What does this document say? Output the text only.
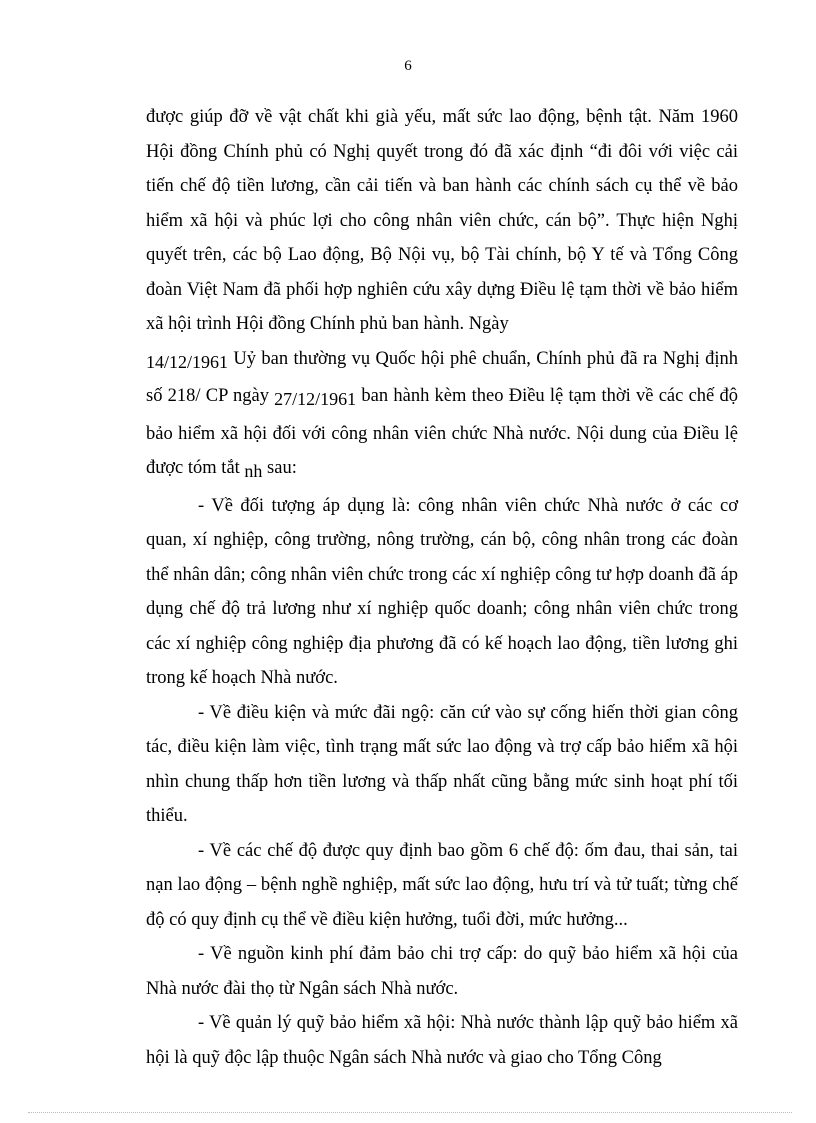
6

được giúp đỡ về vật chất khi già yếu, mất sức lao động, bệnh tật. Năm 1960 Hội đồng Chính phủ có Nghị quyết trong đó đã xác định “đi đôi với việc cải tiến chế độ tiền lương, cần cải tiến và ban hành các chính sách cụ thể về bảo hiểm xã hội và phúc lợi cho công nhân viên chức, cán bộ”. Thực hiện Nghị quyết trên, các bộ Lao động, Bộ Nội vụ, bộ Tài chính, bộ Y tế và Tổng Công đoàn Việt Nam đã phối hợp nghiên cứu xây dựng Điều lệ tạm thời về bảo hiểm xã hội trình Hội đồng Chính phủ ban hành. Ngày
14/12/1961 Uỷ ban thường vụ Quốc hội phê chuẩn, Chính phủ đã ra Nghị định số 218/ CP ngày 27/12/1961 ban hành kèm theo Điều lệ tạm thời về các chế độ bảo hiểm xã hội đối với công nhân viên chức Nhà nước. Nội dung của Điều lệ được tóm tắt nh sau:

- Về đối tượng áp dụng là: công nhân viên chức Nhà nước ở các cơ quan, xí nghiệp, công trường, nông trường, cán bộ, công nhân trong các đoàn thể nhân dân; công nhân viên chức trong các xí nghiệp công tư hợp doanh đã áp dụng chế độ trả lương như xí nghiệp quốc doanh; công nhân viên chức trong các xí nghiệp công nghiệp địa phương đã có kế hoạch lao động, tiền lương ghi trong kế hoạch Nhà nước.

- Về điều kiện và mức đãi ngộ: căn cứ vào sự cống hiến thời gian công tác, điều kiện làm việc, tình trạng mất sức lao động và trợ cấp bảo hiểm xã hội nhìn chung thấp hơn tiền lương và thấp nhất cũng bằng mức sinh hoạt phí tối thiểu.

- Về các chế độ được quy định bao gồm 6 chế độ: ốm đau, thai sản, tai nạn lao động – bệnh nghề nghiệp, mất sức lao động, hưu trí và tử tuất; từng chế độ có quy định cụ thể về điều kiện hưởng, tuổi đời, mức hưởng...

- Về nguồn kinh phí đảm bảo chi trợ cấp: do quỹ bảo hiểm xã hội của Nhà nước đài thọ từ Ngân sách Nhà nước.

- Về quản lý quỹ bảo hiểm xã hội: Nhà nước thành lập quỹ bảo hiểm xã hội là quỹ độc lập thuộc Ngân sách Nhà nước và giao cho Tổng Công
